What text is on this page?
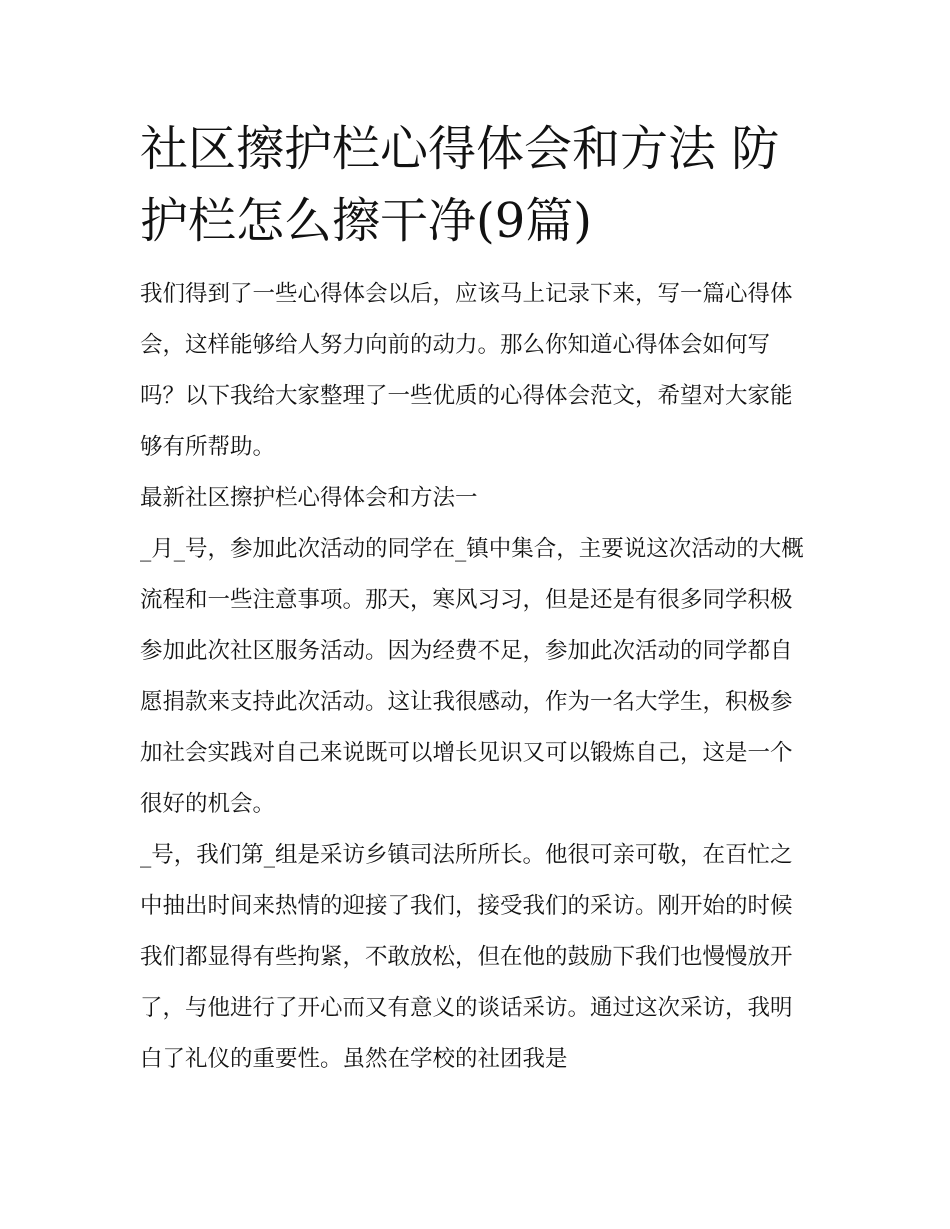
社区擦护栏心得体会和方法 防护栏怎么擦干净(9篇)

我们得到了一些心得体会以后，应该马上记录下来，写一篇心得体会，这样能够给人努力向前的动力。那么你知道心得体会如何写吗？以下我给大家整理了一些优质的心得体会范文，希望对大家能够有所帮助。

最新社区擦护栏心得体会和方法一

_月_号，参加此次活动的同学在_镇中集合，主要说这次活动的大概流程和一些注意事项。那天，寒风习习，但是还是有很多同学积极参加此次社区服务活动。因为经费不足，参加此次活动的同学都自愿捐款来支持此次活动。这让我很感动，作为一名大学生，积极参加社会实践对自己来说既可以增长见识又可以锻炼自己，这是一个很好的机会。

_号，我们第_组是采访乡镇司法所所长。他很可亲可敬，在百忙之中抽出时间来热情的迎接了我们，接受我们的采访。刚开始的时候我们都显得有些拘紧，不敢放松，但在他的鼓励下我们也慢慢放开了，与他进行了开心而又有意义的谈话采访。通过这次采访，我明白了礼仪的重要性。虽然在学校的社团我是
